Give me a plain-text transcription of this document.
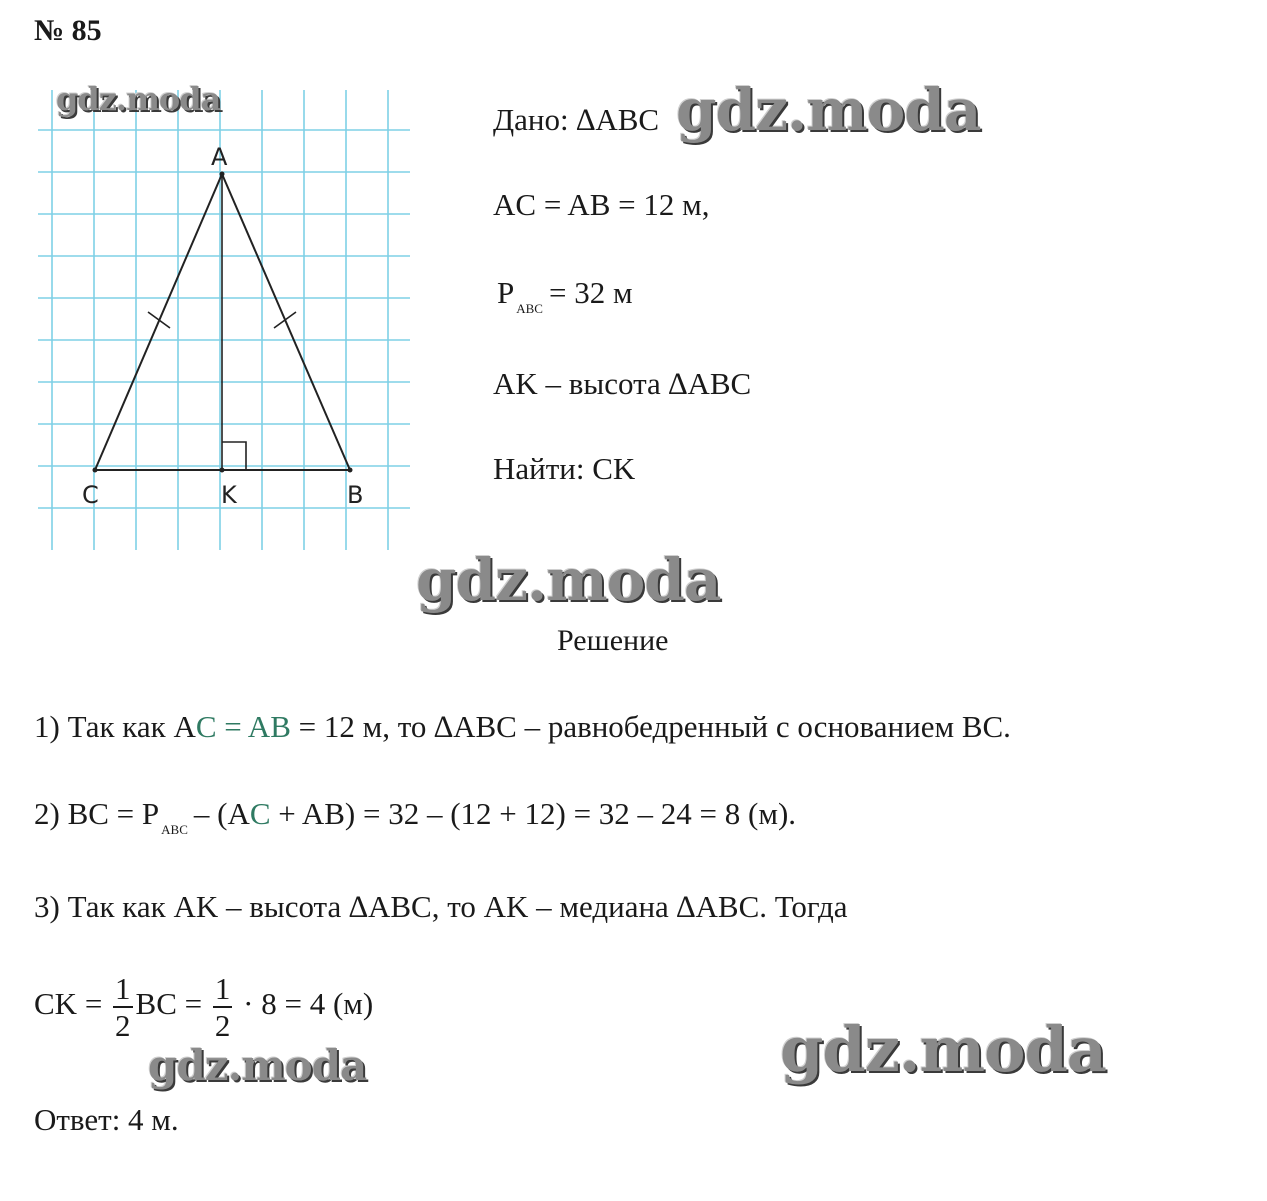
№ 85
A
C	K	B
Дано: ∆ABC
AC = AB = 12 м,
P $_{ABC}$ = 32 м
AK – высота ∆ABC
Найти: CK
Решение
1) Так как AC = AB = 12 м, то ∆ABC – равнобедренный с основанием BC.
2) BC = P $_{ABC}$ – (AC + AB) = 32 – (12 + 12) = 32 – 24 = 8 (м).
3) Так как AK – высота ∆ABC, то AK – медиана ∆ABC. Тогда
CK = $\frac{1}{2}$ BC = $\frac{1}{2} \cdot 8 = 4$ (м)
Ответ: 4 м.
gdz.moda	gdz.moda
gdz.moda
gdz.moda	gdz.moda
